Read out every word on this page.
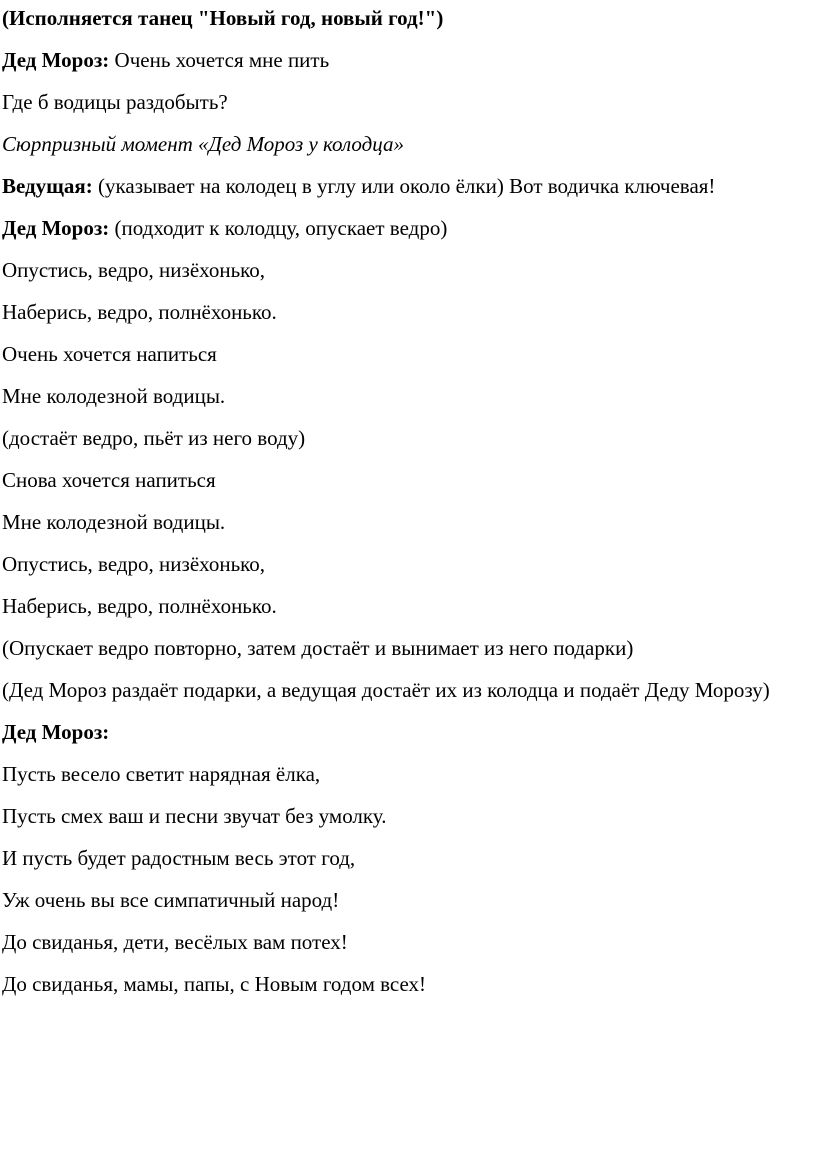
(Исполняется танец "Новый год, новый год!")

Дед Мороз: Очень хочется мне пить

Где б водицы раздобыть?

Сюрпризный момент «Дед Мороз у колодца»

Ведущая: (указывает на колодец в углу или около ёлки) Вот водичка ключевая!

Дед Мороз: (подходит к колодцу, опускает ведро)

Опустись, ведро, низёхонько,

Наберись, ведро, полнёхонько.

Очень хочется напиться

Мне колодезной водицы.

(достаёт ведро, пьёт из него воду)

Снова хочется напиться

Мне колодезной водицы.

Опустись, ведро, низёхонько,

Наберись, ведро, полнёхонько.

(Опускает ведро повторно, затем достаёт и вынимает из него подарки)

(Дед Мороз раздаёт подарки, а ведущая достаёт их из колодца и подаёт Деду Морозу)

Дед Мороз:

Пусть весело светит нарядная ёлка,

Пусть смех ваш и песни звучат без умолку.

И пусть будет радостным весь этот год,

Уж очень вы все симпатичный народ!

До свиданья, дети, весёлых вам потех!

До свиданья, мамы, папы, с Новым годом всех!
